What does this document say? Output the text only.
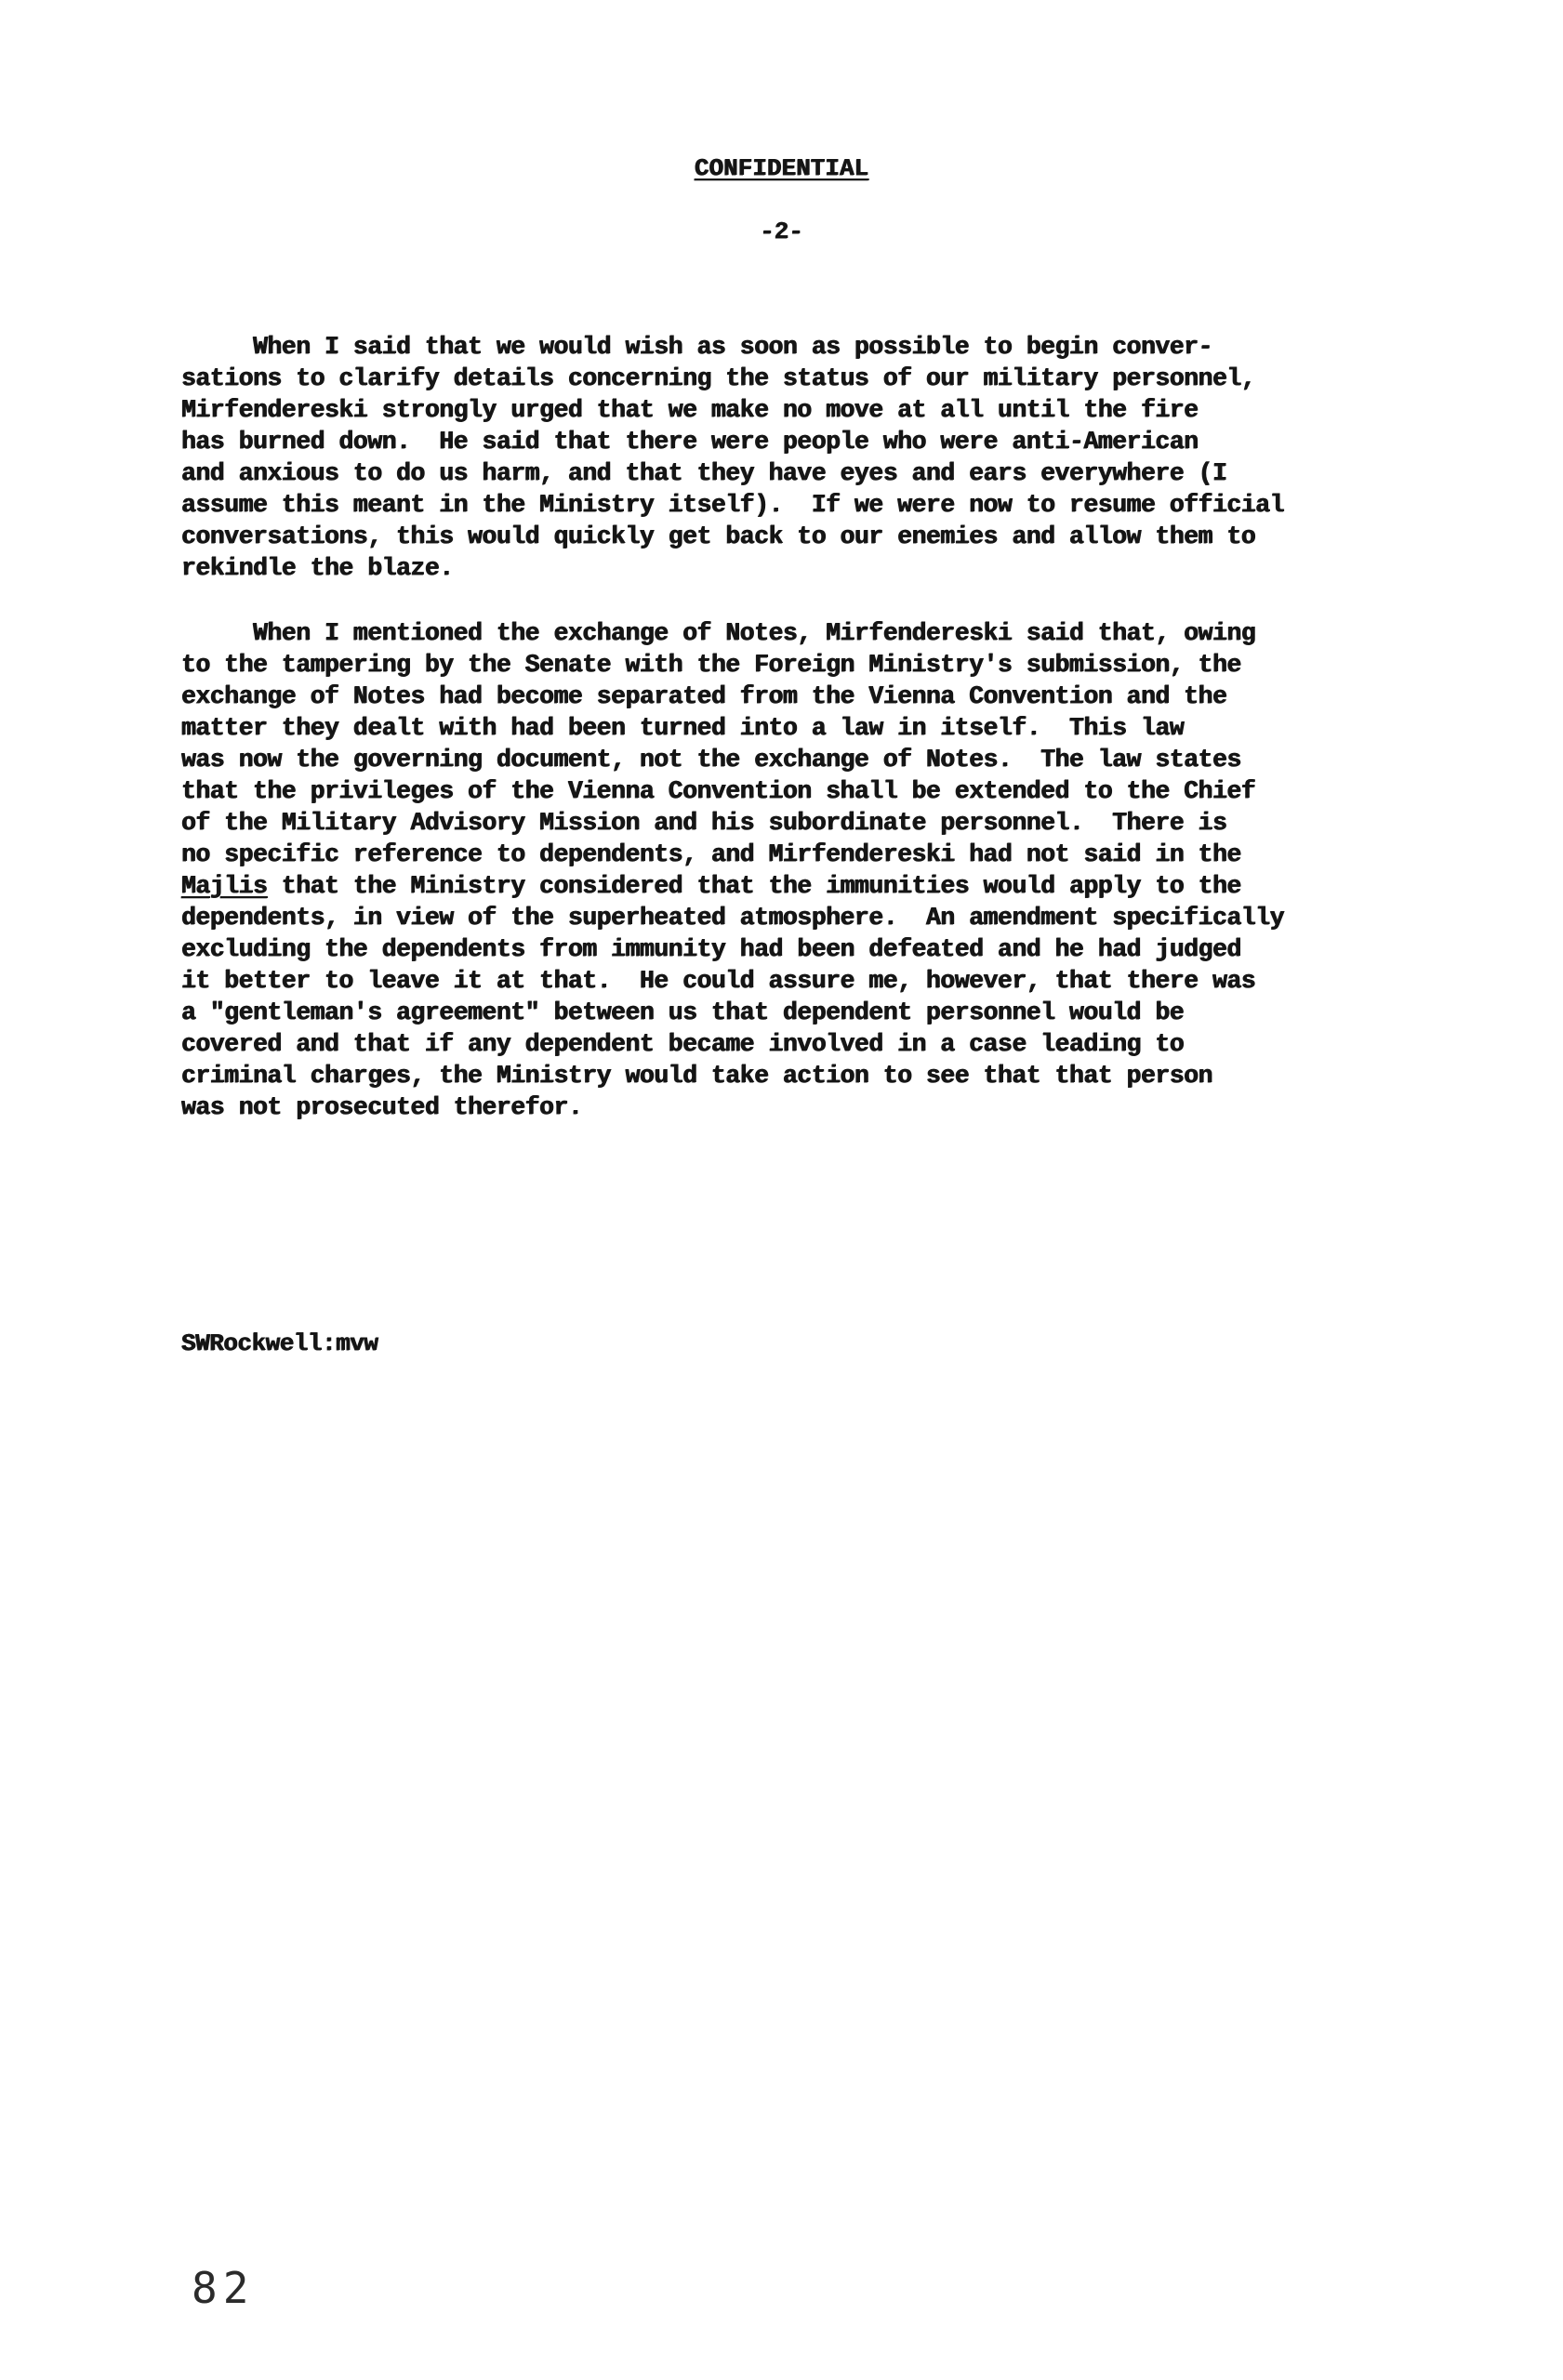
CONFIDENTIAL

-2-

When I said that we would wish as soon as possible to begin conver-

sations to clarify details concerning the status of our military personnel,

Mirfendereski strongly urged that we make no move at all until the fire

has burned down.  He said that there were people who were anti-American

and anxious to do us harm, and that they have eyes and ears everywhere (I

assume this meant in the Ministry itself).  If we were now to resume official

conversations, this would quickly get back to our enemies and allow them to

rekindle the blaze.

When I mentioned the exchange of Notes, Mirfendereski said that, owing

to the tampering by the Senate with the Foreign Ministry's submission, the

exchange of Notes had become separated from the Vienna Convention and the

matter they dealt with had been turned into a law in itself.  This law

was now the governing document, not the exchange of Notes.  The law states

that the privileges of the Vienna Convention shall be extended to the Chief

of the Military Advisory Mission and his subordinate personnel.  There is

no specific reference to dependents, and Mirfendereski had not said in the

Majlis that the Ministry considered that the immunities would apply to the

dependents, in view of the superheated atmosphere.  An amendment specifically

excluding the dependents from immunity had been defeated and he had judged

it better to leave it at that.  He could assure me, however, that there was

a "gentleman's agreement" between us that dependent personnel would be

covered and that if any dependent became involved in a case leading to

criminal charges, the Ministry would take action to see that that person

was not prosecuted therefor.

SWRockwell:mvw

82
